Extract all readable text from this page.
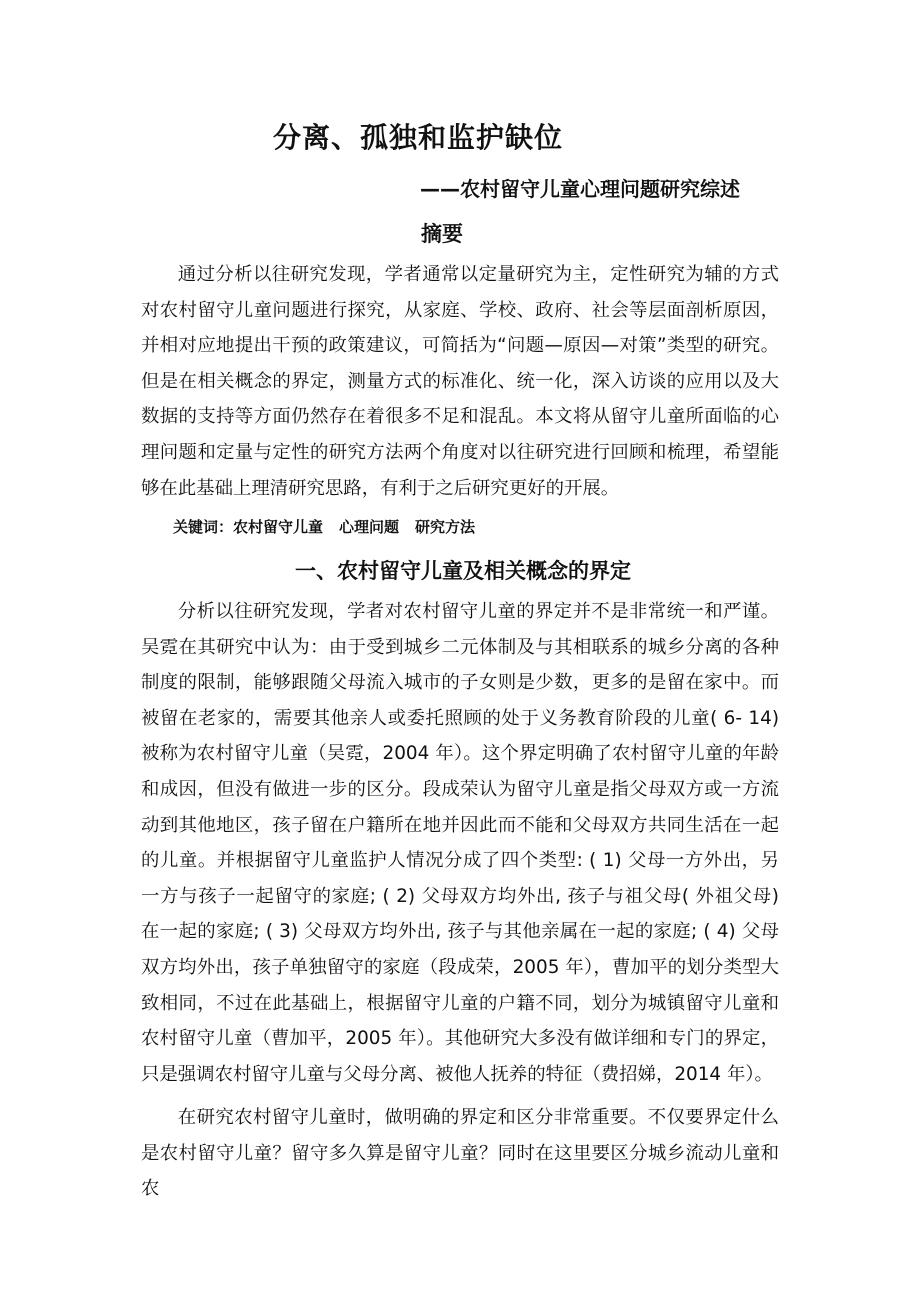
分离、孤独和监护缺位
——农村留守儿童心理问题研究综述
摘要

通过分析以往研究发现，学者通常以定量研究为主，定性研究为辅的方式对农村留守儿童问题进行探究，从家庭、学校、政府、社会等层面剖析原因，并相对应地提出干预的政策建议，可简括为“问题—原因—对策”类型的研究。但是在相关概念的界定，测量方式的标准化、统一化，深入访谈的应用以及大数据的支持等方面仍然存在着很多不足和混乱。本文将从留守儿童所面临的心理问题和定量与定性的研究方法两个角度对以往研究进行回顾和梳理，希望能够在此基础上理清研究思路，有利于之后研究更好的开展。

关键词：农村留守儿童 心理问题 研究方法

一、农村留守儿童及相关概念的界定

分析以往研究发现，学者对农村留守儿童的界定并不是非常统一和严谨。吴霓在其研究中认为：由于受到城乡二元体制及与其相联系的城乡分离的各种制度的限制，能够跟随父母流入城市的子女则是少数，更多的是留在家中。而被留在老家的，需要其他亲人或委托照顾的处于义务教育阶段的儿童( 6- 14) 被称为农村留守儿童（吴霓，2004 年）。这个界定明确了农村留守儿童的年龄和成因，但没有做进一步的区分。段成荣认为留守儿童是指父母双方或一方流动到其他地区，孩子留在户籍所在地并因此而不能和父母双方共同生活在一起的儿童。并根据留守儿童监护人情况分成了四个类型: ( 1) 父母一方外出，另一方与孩子一起留守的家庭; ( 2) 父母双方均外出, 孩子与祖父母( 外祖父母) 在一起的家庭; ( 3) 父母双方均外出, 孩子与其他亲属在一起的家庭; ( 4) 父母双方均外出，孩子单独留守的家庭（段成荣，2005 年），曹加平的划分类型大致相同，不过在此基础上，根据留守儿童的户籍不同，划分为城镇留守儿童和农村留守儿童（曹加平，2005 年）。其他研究大多没有做详细和专门的界定，只是强调农村留守儿童与父母分离、被他人抚养的特征（费招娣，2014 年）。

在研究农村留守儿童时，做明确的界定和区分非常重要。不仅要界定什么是农村留守儿童？留守多久算是留守儿童？同时在这里要区分城乡流动儿童和农
